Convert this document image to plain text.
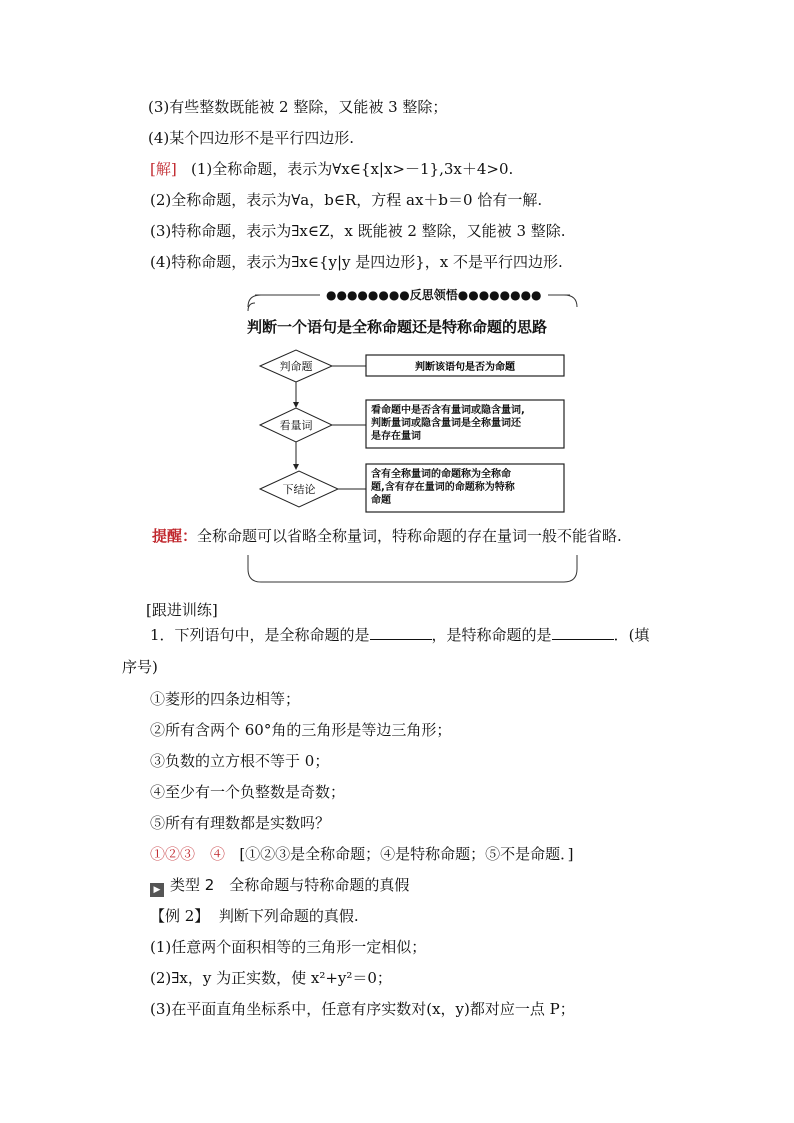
(3)有些整数既能被 2 整除，又能被 3 整除；
(4)某个四边形不是平行四边形.
[解] (1)全称命题，表示为∀x∈{x|x>－1},3x＋4>0.
(2)全称命题，表示为∀a，b∈R，方程 ax＋b＝0 恰有一解.
(3)特称命题，表示为∃x∈Z，x 既能被 2 整除，又能被 3 整除.
(4)特称命题，表示为∃x∈{y|y 是四边形}，x 不是平行四边形.
●●●●●●●●反思领悟●●●●●●●●
判断一个语句是全称命题还是特称命题的思路
判命题	判断该语句是否为命题
看量词
下结论
看命题中是否含有量词或隐含量词,
判断量词或隐含量词是全称量词还
是存在量词
含有全称量词的命题称为全称命
题,含有存在量词的命题称为特称
命题
提醒：全称命题可以省略全称量词，特称命题的存在量词一般不能省略.
[跟进训练]
1．下列语句中，是全称命题的是	，是特称命题的是	．(填
序号)
①菱形的四条边相等；
②所有含两个 60°角的三角形是等边三角形；
③负数的立方根不等于 0；
④至少有一个负整数是奇数；
⑤所有有理数都是实数吗？
①②③　④ [①②③是全称命题；④是特称命题；⑤不是命题．]
▶ 类型 2　全称命题与特称命题的真假
【例 2】 判断下列命题的真假.
(1)任意两个面积相等的三角形一定相似；
(2)∃x，y 为正实数，使 x²+y²＝0；
(3)在平面直角坐标系中，任意有序实数对(x，y)都对应一点 P；
